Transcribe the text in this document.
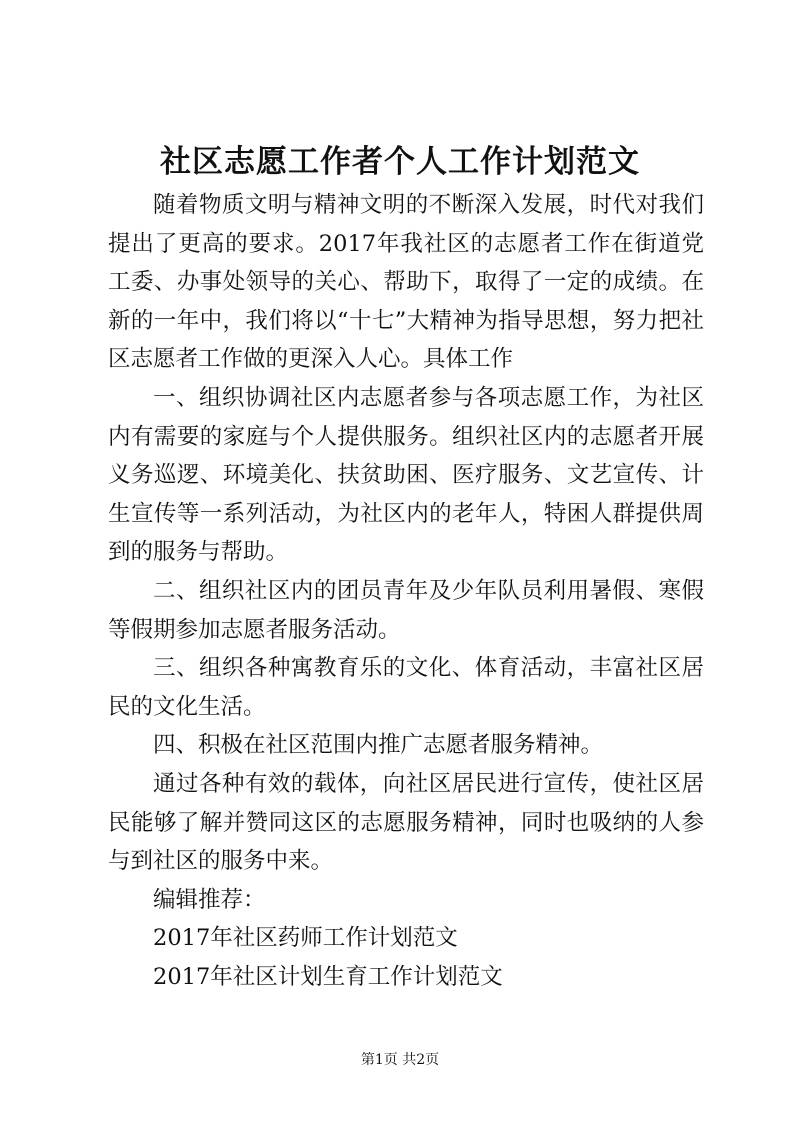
社区志愿工作者个人工作计划范文

随着物质文明与精神文明的不断深入发展，时代对我们提出了更高的要求。2017年我社区的志愿者工作在街道党工委、办事处领导的关心、帮助下，取得了一定的成绩。在新的一年中，我们将以“十七”大精神为指导思想，努力把社区志愿者工作做的更深入人心。具体工作

一、组织协调社区内志愿者参与各项志愿工作，为社区内有需要的家庭与个人提供服务。组织社区内的志愿者开展义务巡逻、环境美化、扶贫助困、医疗服务、文艺宣传、计生宣传等一系列活动，为社区内的老年人，特困人群提供周到的服务与帮助。

二、组织社区内的团员青年及少年队员利用暑假、寒假等假期参加志愿者服务活动。

三、组织各种寓教育乐的文化、体育活动，丰富社区居民的文化生活。

四、积极在社区范围内推广志愿者服务精神。

通过各种有效的载体，向社区居民进行宣传，使社区居民能够了解并赞同这区的志愿服务精神，同时也吸纳的人参与到社区的服务中来。

编辑推荐：

2017年社区药师工作计划范文

2017年社区计划生育工作计划范文

第1页 共2页
